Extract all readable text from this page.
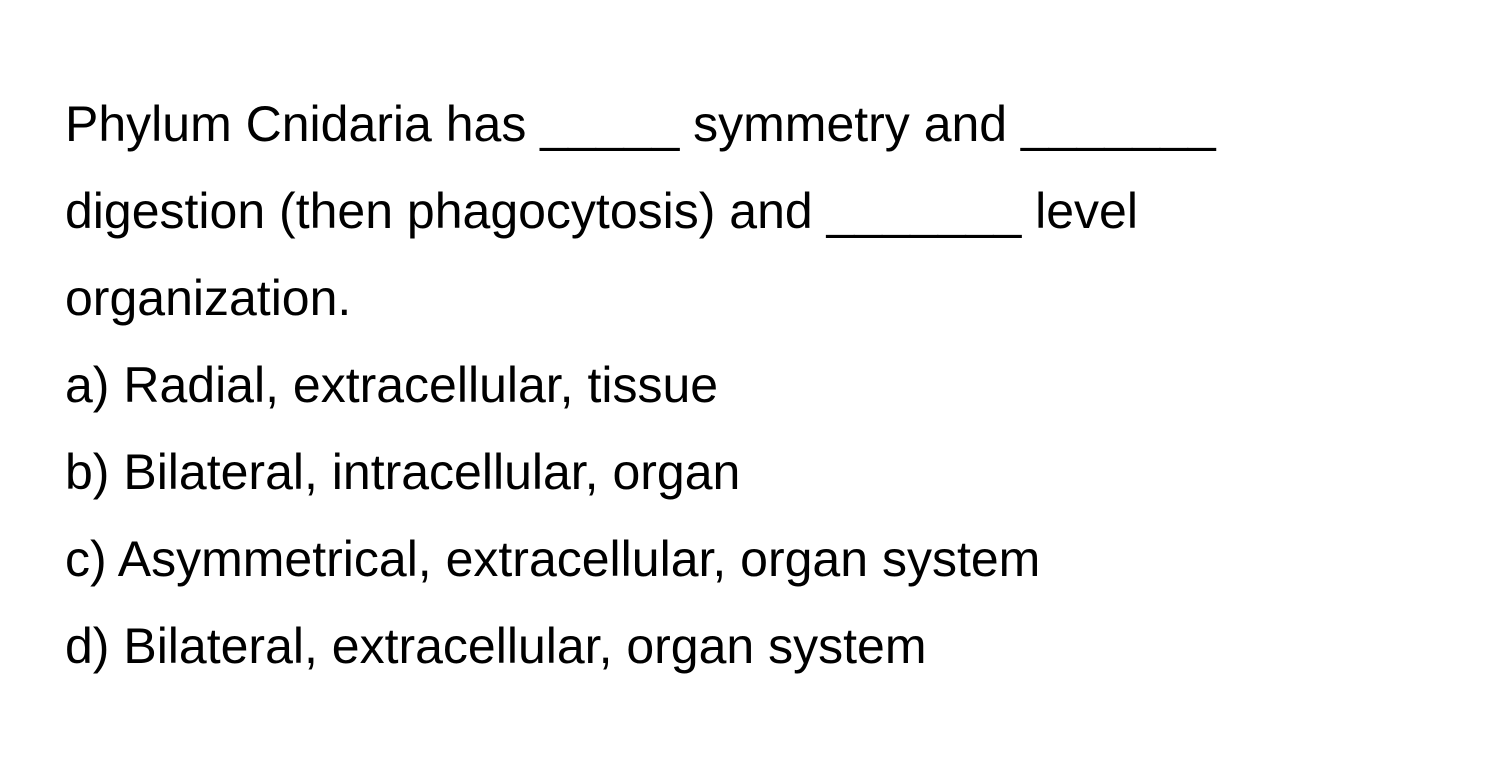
Phylum Cnidaria has _____ symmetry and _______
digestion (then phagocytosis) and _______ level
organization.
a) Radial, extracellular, tissue
b) Bilateral, intracellular, organ
c) Asymmetrical, extracellular, organ system
d) Bilateral, extracellular, organ system
